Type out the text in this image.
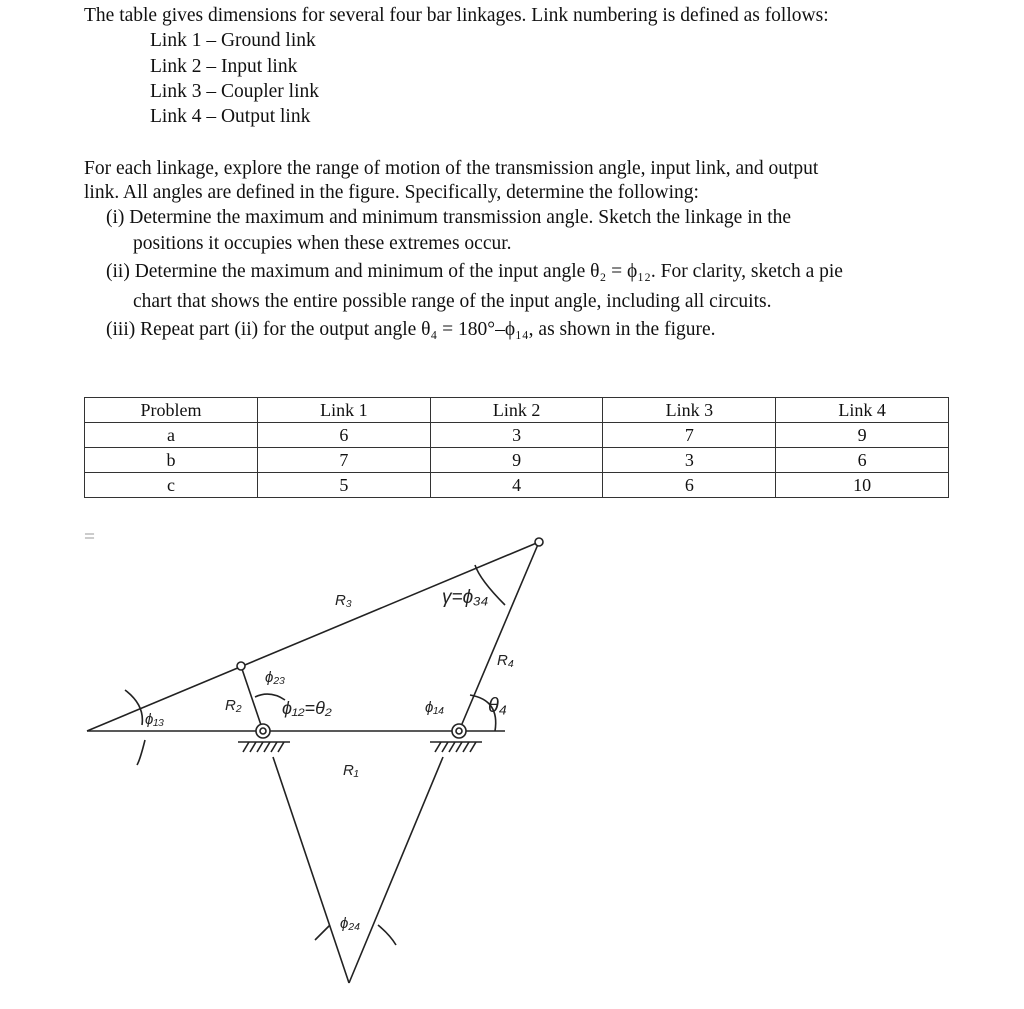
The table gives dimensions for several four bar linkages. Link numbering is defined as follows:
Link 1 – Ground link
Link 2 – Input link
Link 3 – Coupler link
Link 4 – Output link
For each linkage, explore the range of motion of the transmission angle, input link, and output
link. All angles are defined in the figure. Specifically, determine the following:
(i) Determine the maximum and minimum transmission angle. Sketch the linkage in the
positions it occupies when these extremes occur.
(ii) Determine the maximum and minimum of the input angle θ₂ = ϕ₁₂. For clarity, sketch a pie
chart that shows the entire possible range of the input angle, including all circuits.
(iii) Repeat part (ii) for the output angle θ₄ = 180°–ϕ₁₄, as shown in the figure.
Problem	Link 1	Link 2	Link 3	Link 4
a	6	3	7	9
b	7	9	3	6
c	5	4	6	10
=
R₃
R₂
R₄
R₁
γ=ϕ₃₄
ϕ₁₂=θ₂
ϕ₁₃
ϕ₂₃
ϕ₁₄
ϕ₂₄
θ₄
